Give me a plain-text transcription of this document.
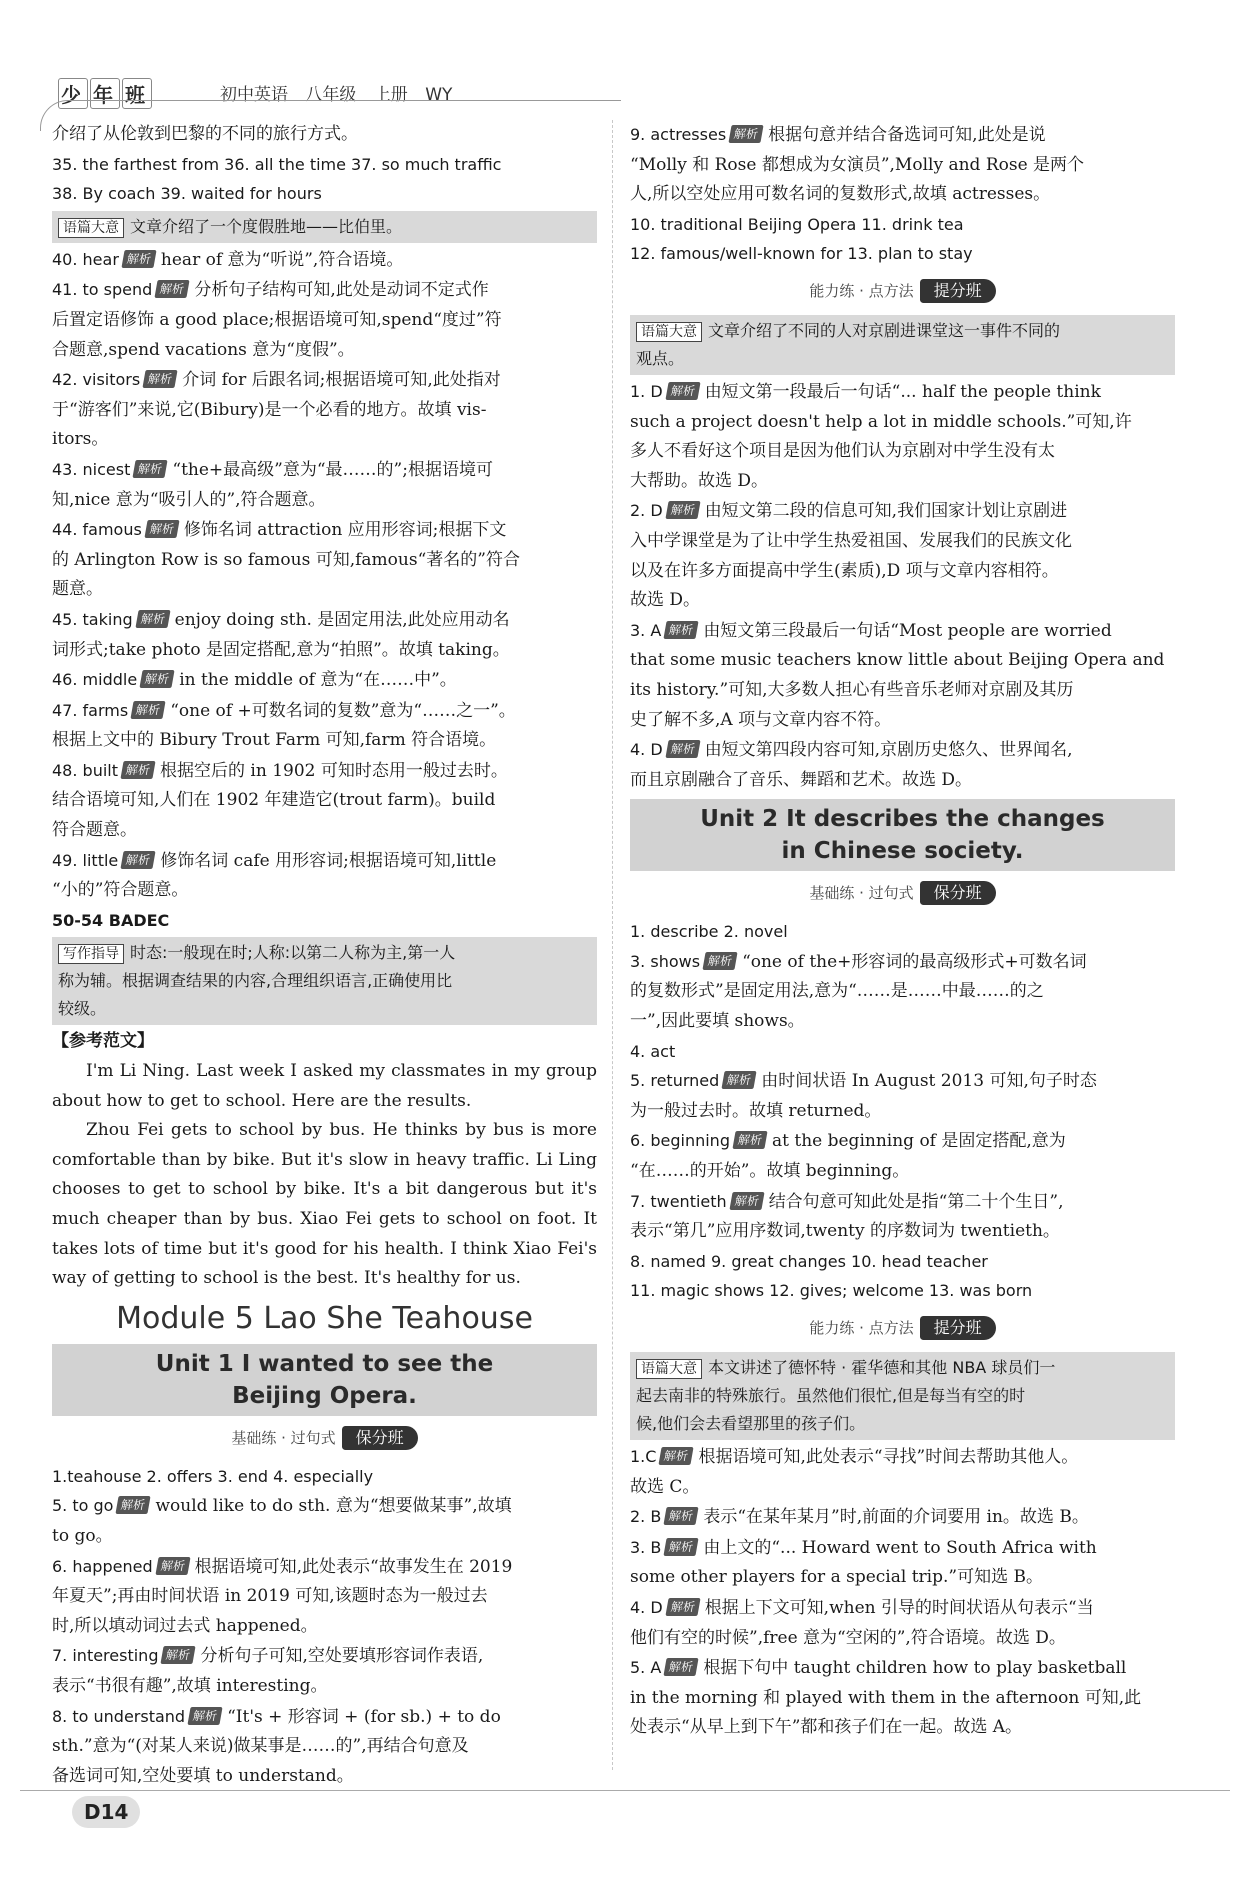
少 年 班	初中英语 八年级 上册 WY
介绍了从伦敦到巴黎的不同的旅行方式。
35. the farthest from 36. all the time 37. so much traffic
38. By coach 39. waited for hours
语篇大意 文章介绍了一个度假胜地——比伯里。
40. hear 解析 hear of 意为“听说”,符合语境。
41. to spend 解析 分析句子结构可知,此处是动词不定式作
后置定语修饰 a good place;根据语境可知,spend“度过”符
合题意,spend vacations 意为“度假”。
42. visitors 解析 介词 for 后跟名词;根据语境可知,此处指对
于“游客们”来说,它(Bibury)是一个必看的地方。故填 vis-
itors。
43. nicest 解析 “the+最高级”意为“最……的”;根据语境可
知,nice 意为“吸引人的”,符合题意。
44. famous 解析 修饰名词 attraction 应用形容词;根据下文
的 Arlington Row is so famous 可知,famous“著名的”符合
题意。
45. taking 解析 enjoy doing sth. 是固定用法,此处应用动名
词形式;take photo 是固定搭配,意为“拍照”。故填 taking。
46. middle 解析 in the middle of 意为“在……中”。
47. farms 解析 “one of +可数名词的复数”意为“……之一”。
根据上文中的 Bibury Trout Farm 可知,farm 符合语境。
48. built 解析 根据空后的 in 1902 可知时态用一般过去时。
结合语境可知,人们在 1902 年建造它(trout farm)。build
符合题意。
49. little 解析 修饰名词 cafe 用形容词;根据语境可知,little
“小的”符合题意。
50-54 BADEC
写作指导 时态:一般现在时;人称:以第二人称为主,第一人
称为辅。根据调查结果的内容,合理组织语言,正确使用比
较级。
【参考范文】

I'm Li Ning. Last week I asked my classmates in my group about how to get to school. Here are the results.

Zhou Fei gets to school by bus. He thinks by bus is more comfortable than by bike. But it's slow in heavy traffic. Li Ling chooses to get to school by bike. It's a bit dangerous but it's much cheaper than by bus. Xiao Fei gets to school on foot. It takes lots of time but it's good for his health. I think Xiao Fei's way of getting to school is the best. It's healthy for us.

Module 5 Lao She Teahouse
Unit 1 I wanted to see the
Beijing Opera.
基础练 · 过句式 保分班
1.teahouse 2. offers 3. end 4. especially
5. to go 解析 would like to do sth. 意为“想要做某事”,故填
to go。
6. happened 解析 根据语境可知,此处表示“故事发生在 2019
年夏天”;再由时间状语 in 2019 可知,该题时态为一般过去
时,所以填动词过去式 happened。
7. interesting 解析 分析句子可知,空处要填形容词作表语,
表示“书很有趣”,故填 interesting。
8. to understand 解析 “It's + 形容词 + (for sb.) + to do
sth.”意为“(对某人来说)做某事是……的”,再结合句意及
备选词可知,空处要填 to understand。
9. actresses 解析 根据句意并结合备选词可知,此处是说
“Molly 和 Rose 都想成为女演员”,Molly and Rose 是两个
人,所以空处应用可数名词的复数形式,故填 actresses。
10. traditional Beijing Opera 11. drink tea
12. famous/well-known for 13. plan to stay
能力练 · 点方法 提分班
语篇大意 文章介绍了不同的人对京剧进课堂这一事件不同的
观点。
1. D 解析 由短文第一段最后一句话“... half the people think
such a project doesn't help a lot in middle schools.”可知,许
多人不看好这个项目是因为他们认为京剧对中学生没有太
大帮助。故选 D。
2. D 解析 由短文第二段的信息可知,我们国家计划让京剧进
入中学课堂是为了让中学生热爱祖国、发展我们的民族文化
以及在许多方面提高中学生(素质),D 项与文章内容相符。
故选 D。
3. A 解析 由短文第三段最后一句话“Most people are worried
that some music teachers know little about Beijing Opera and
its history.”可知,大多数人担心有些音乐老师对京剧及其历
史了解不多,A 项与文章内容不符。
4. D 解析 由短文第四段内容可知,京剧历史悠久、世界闻名,
而且京剧融合了音乐、舞蹈和艺术。故选 D。
Unit 2 It describes the changes
in Chinese society.
基础练 · 过句式 保分班
1. describe 2. novel
3. shows 解析 “one of the+形容词的最高级形式+可数名词
的复数形式”是固定用法,意为“……是……中最……的之
一”,因此要填 shows。
4. act
5. returned 解析 由时间状语 In August 2013 可知,句子时态
为一般过去时。故填 returned。
6. beginning 解析 at the beginning of 是固定搭配,意为
“在……的开始”。故填 beginning。
7. twentieth 解析 结合句意可知此处是指“第二十个生日”,
表示“第几”应用序数词,twenty 的序数词为 twentieth。
8. named 9. great changes 10. head teacher
11. magic shows 12. gives; welcome 13. was born
能力练 · 点方法 提分班
语篇大意 本文讲述了德怀特 · 霍华德和其他 NBA 球员们一
起去南非的特殊旅行。虽然他们很忙,但是每当有空的时
候,他们会去看望那里的孩子们。
1.C 解析 根据语境可知,此处表示“寻找”时间去帮助其他人。
故选 C。
2. B 解析 表示“在某年某月”时,前面的介词要用 in。故选 B。
3. B 解析 由上文的“... Howard went to South Africa with
some other players for a special trip.”可知选 B。
4. D 解析 根据上下文可知,when 引导的时间状语从句表示“当
他们有空的时候”,free 意为“空闲的”,符合语境。故选 D。
5. A 解析 根据下句中 taught children how to play basketball
in the morning 和 played with them in the afternoon 可知,此
处表示“从早上到下午”都和孩子们在一起。故选 A。
D14
